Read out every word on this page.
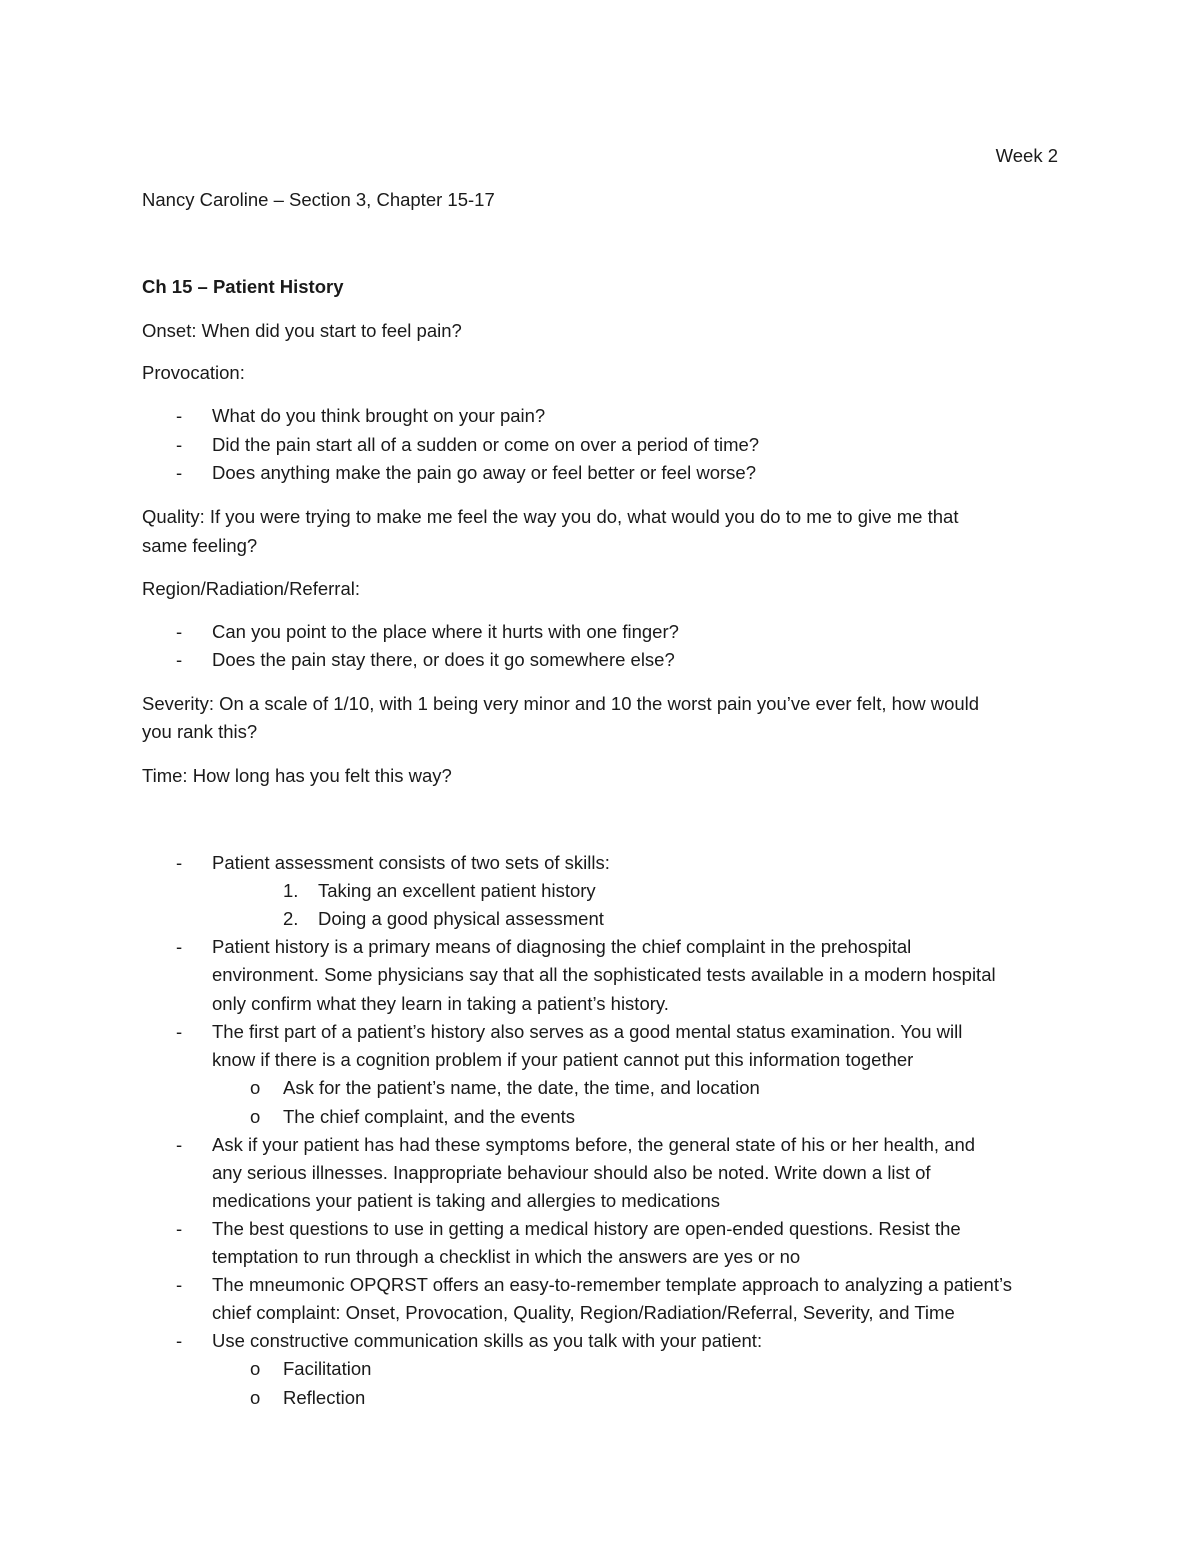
Week 2
Nancy Caroline – Section 3, Chapter 15-17
Ch 15 – Patient History
Onset: When did you start to feel pain?
Provocation:
- What do you think brought on your pain?
- Did the pain start all of a sudden or come on over a period of time?
- Does anything make the pain go away or feel better or feel worse?
Quality: If you were trying to make me feel the way you do, what would you do to me to give me that
same feeling?
Region/Radiation/Referral:
- Can you point to the place where it hurts with one finger?
- Does the pain stay there, or does it go somewhere else?
Severity: On a scale of 1/10, with 1 being very minor and 10 the worst pain you’ve ever felt, how would
you rank this?
Time: How long has you felt this way?
- Patient assessment consists of two sets of skills:
1. Taking an excellent patient history
2. Doing a good physical assessment
- Patient history is a primary means of diagnosing the chief complaint in the prehospital
environment. Some physicians say that all the sophisticated tests available in a modern hospital
only confirm what they learn in taking a patient’s history.
- The first part of a patient’s history also serves as a good mental status examination. You will
know if there is a cognition problem if your patient cannot put this information together
o Ask for the patient’s name, the date, the time, and location
o The chief complaint, and the events
- Ask if your patient has had these symptoms before, the general state of his or her health, and
any serious illnesses. Inappropriate behaviour should also be noted. Write down a list of
medications your patient is taking and allergies to medications
- The best questions to use in getting a medical history are open-ended questions. Resist the
temptation to run through a checklist in which the answers are yes or no
- The mneumonic OPQRST offers an easy-to-remember template approach to analyzing a patient’s
chief complaint: Onset, Provocation, Quality, Region/Radiation/Referral, Severity, and Time
- Use constructive communication skills as you talk with your patient:
o Facilitation
o Reflection
